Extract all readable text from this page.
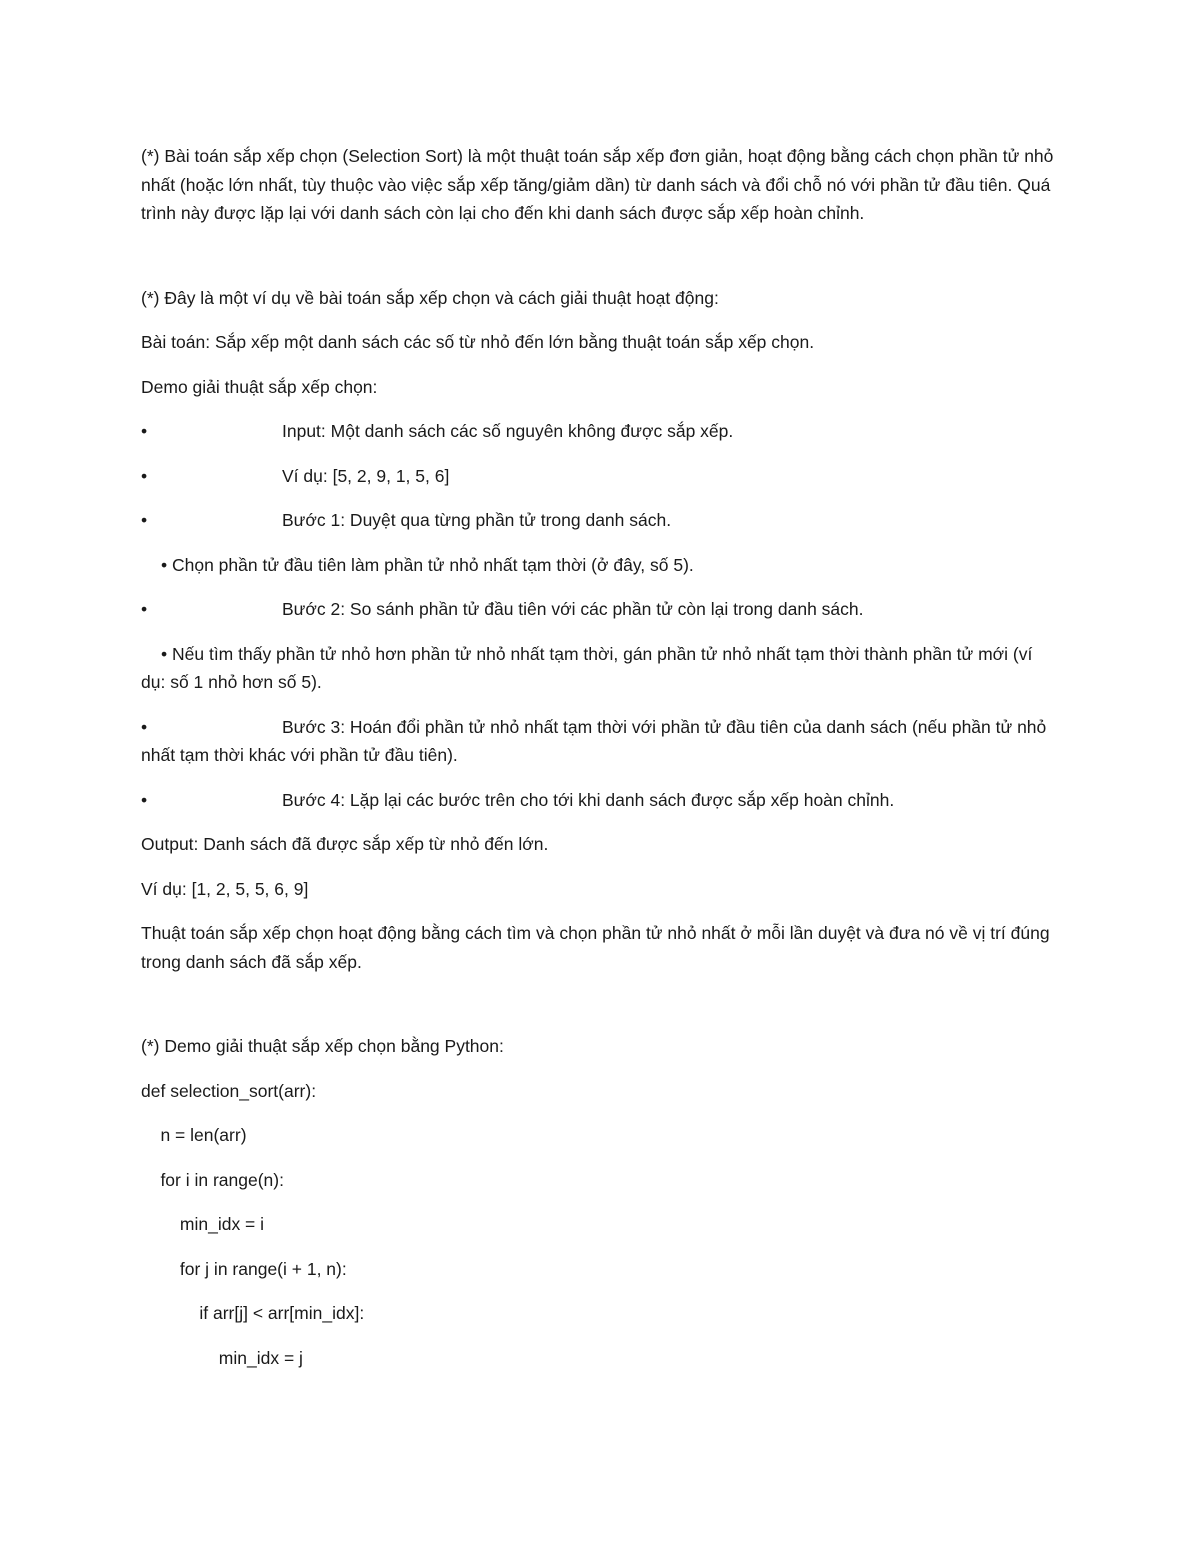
(*) Bài toán sắp xếp chọn (Selection Sort) là một thuật toán sắp xếp đơn giản, hoạt động bằng cách chọn phần tử nhỏ nhất (hoặc lớn nhất, tùy thuộc vào việc sắp xếp tăng/giảm dần) từ danh sách và đổi chỗ nó với phần tử đầu tiên. Quá trình này được lặp lại với danh sách còn lại cho đến khi danh sách được sắp xếp hoàn chỉnh.

(*) Đây là một ví dụ về bài toán sắp xếp chọn và cách giải thuật hoạt động:

Bài toán: Sắp xếp một danh sách các số từ nhỏ đến lớn bằng thuật toán sắp xếp chọn.

Demo giải thuật sắp xếp chọn:

•	Input: Một danh sách các số nguyên không được sắp xếp.
•	Ví dụ: [5, 2, 9, 1, 5, 6]
•	Bước 1: Duyệt qua từng phần tử trong danh sách.

• Chọn phần tử đầu tiên làm phần tử nhỏ nhất tạm thời (ở đây, số 5).

•	Bước 2: So sánh phần tử đầu tiên với các phần tử còn lại trong danh sách.

• Nếu tìm thấy phần tử nhỏ hơn phần tử nhỏ nhất tạm thời, gán phần tử nhỏ nhất tạm thời thành phần tử mới (ví dụ: số 1 nhỏ hơn số 5).

•	Bước 3: Hoán đổi phần tử nhỏ nhất tạm thời với phần tử đầu tiên của danh sách (nếu phần tử nhỏ nhất tạm thời khác với phần tử đầu tiên).
•	Bước 4: Lặp lại các bước trên cho tới khi danh sách được sắp xếp hoàn chỉnh.

Output: Danh sách đã được sắp xếp từ nhỏ đến lớn.

Ví dụ: [1, 2, 5, 5, 6, 9]

Thuật toán sắp xếp chọn hoạt động bằng cách tìm và chọn phần tử nhỏ nhất ở mỗi lần duyệt và đưa nó về vị trí đúng trong danh sách đã sắp xếp.

(*) Demo giải thuật sắp xếp chọn bằng Python:

def selection_sort(arr):

n = len(arr)

for i in range(n):

min_idx = i

for j in range(i + 1, n):

if arr[j] < arr[min_idx]:

min_idx = j
